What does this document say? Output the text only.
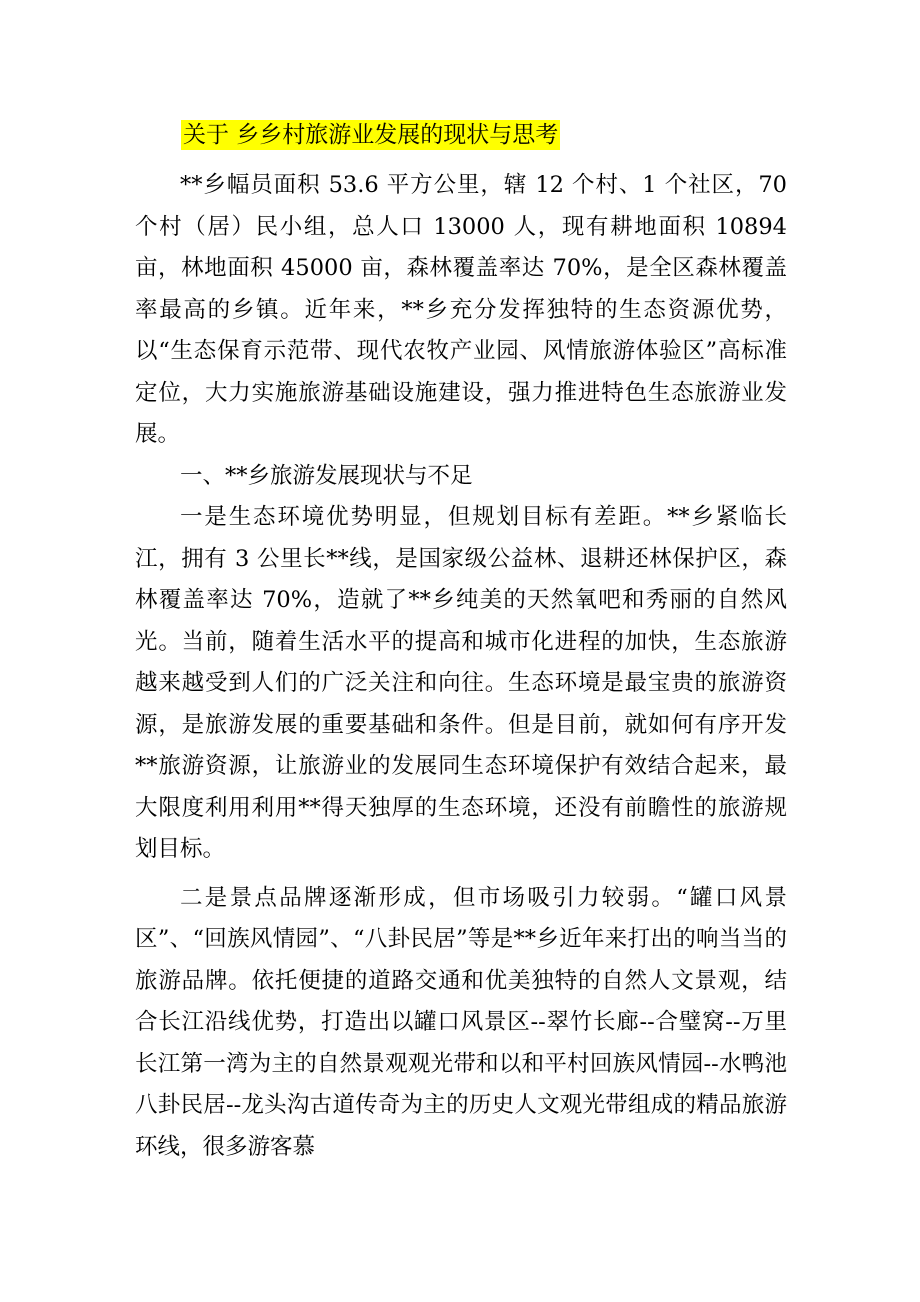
关于 乡乡村旅游业发展的现状与思考

**乡幅员面积 53.6 平方公里，辖 12 个村、1 个社区，70 个村（居）民小组，总人口 13000 人，现有耕地面积 10894 亩，林地面积 45000 亩，森林覆盖率达 70%，是全区森林覆盖率最高的乡镇。近年来，**乡充分发挥独特的生态资源优势，以“生态保育示范带、现代农牧产业园、风情旅游体验区”高标准定位，大力实施旅游基础设施建设，强力推进特色生态旅游业发展。

一、**乡旅游发展现状与不足

一是生态环境优势明显，但规划目标有差距。**乡紧临长江，拥有 3 公里长**线，是国家级公益林、退耕还林保护区，森林覆盖率达 70%，造就了**乡纯美的天然氧吧和秀丽的自然风光。当前，随着生活水平的提高和城市化进程的加快，生态旅游越来越受到人们的广泛关注和向往。生态环境是最宝贵的旅游资源，是旅游发展的重要基础和条件。但是目前，就如何有序开发**旅游资源，让旅游业的发展同生态环境保护有效结合起来，最大限度利用利用**得天独厚的生态环境，还没有前瞻性的旅游规划目标。

二是景点品牌逐渐形成，但市场吸引力较弱。“罐口风景区”、“回族风情园”、“八卦民居”等是**乡近年来打出的响当当的旅游品牌。依托便捷的道路交通和优美独特的自然人文景观，结合长江沿线优势，打造出以罐口风景区--翠竹长廊--合璧窝--万里长江第一湾为主的自然景观观光带和以和平村回族风情园--水鸭池八卦民居--龙头沟古道传奇为主的历史人文观光带组成的精品旅游环线，很多游客慕
